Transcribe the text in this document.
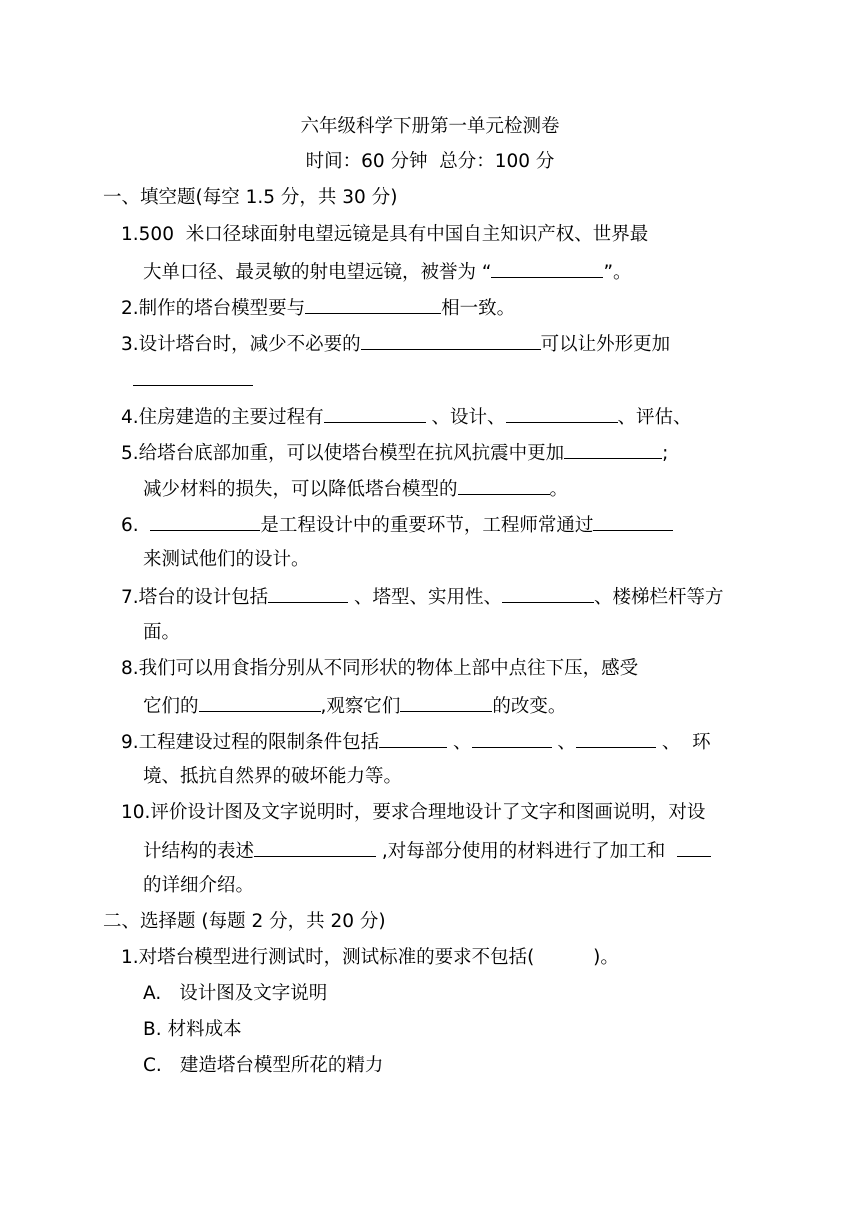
六年级科学下册第一单元检测卷
时间：60 分钟  总分：100 分
一、填空题(每空 1.5 分，共 30 分)
1.500  米口径球面射电望远镜是具有中国自主知识产权、世界最
大单口径、最灵敏的射电望远镜，被誉为 “	”。
2.制作的塔台模型要与	相一致。
3.设计塔台时，减少不必要的	可以让外形更加
4.住房建造的主要过程有	、设计、	、评估、
5.给塔台底部加重，可以使塔台模型在抗风抗震中更加	;
减少材料的损失，可以降低塔台模型的	。
6.	是工程设计中的重要环节，工程师常通过
来测试他们的设计。
7.塔台的设计包括	、塔型、实用性、	、楼梯栏杆等方
面。
8.我们可以用食指分别从不同形状的物体上部中点往下压，感受
它们的	,观察它们	的改变。
9.工程建设过程的限制条件包括	、	、	、  环
境、抵抗自然界的破坏能力等。
10.评价设计图及文字说明时，要求合理地设计了文字和图画说明，对设
计结构的表述	,对每部分使用的材料进行了加工和
的详细介绍。
二、选择题 (每题 2 分，共 20 分)
1.对塔台模型进行测试时，测试标准的要求不包括(          )。
A. 设计图及文字说明
B. 材料成本
C. 建造塔台模型所花的精力
